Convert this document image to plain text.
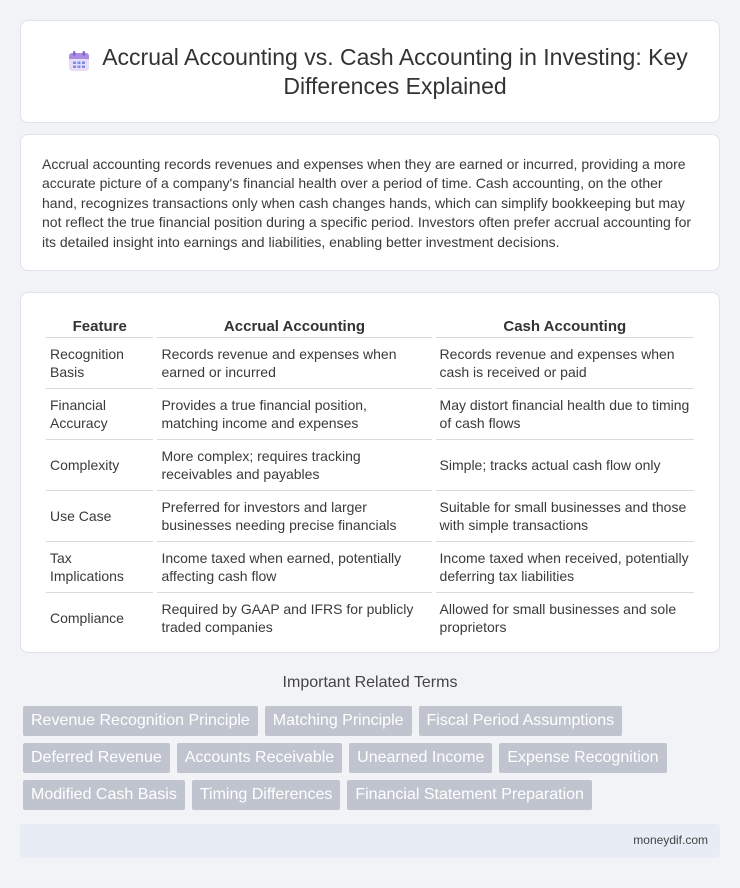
Accrual Accounting vs. Cash Accounting in Investing: Key Differences Explained

Accrual accounting records revenues and expenses when they are earned or incurred, providing a more accurate picture of a company's financial health over a period of time. Cash accounting, on the other hand, recognizes transactions only when cash changes hands, which can simplify bookkeeping but may not reflect the true financial position during a specific period. Investors often prefer accrual accounting for its detailed insight into earnings and liabilities, enabling better investment decisions.

Feature	Accrual Accounting	Cash Accounting
Recognition Basis	Records revenue and expenses when earned or incurred	Records revenue and expenses when cash is received or paid
Financial Accuracy	Provides a true financial position, matching income and expenses	May distort financial health due to timing of cash flows
Complexity	More complex; requires tracking receivables and payables	Simple; tracks actual cash flow only
Use Case	Preferred for investors and larger businesses needing precise financials	Suitable for small businesses and those with simple transactions
Tax Implications	Income taxed when earned, potentially affecting cash flow	Income taxed when received, potentially deferring tax liabilities
Compliance	Required by GAAP and IFRS for publicly traded companies	Allowed for small businesses and sole proprietors
Important Related Terms
Revenue Recognition Principle	Matching Principle	Fiscal Period Assumptions
Deferred Revenue	Accounts Receivable	Unearned Income	Expense Recognition
Modified Cash Basis	Timing Differences	Financial Statement Preparation
moneydif.com
